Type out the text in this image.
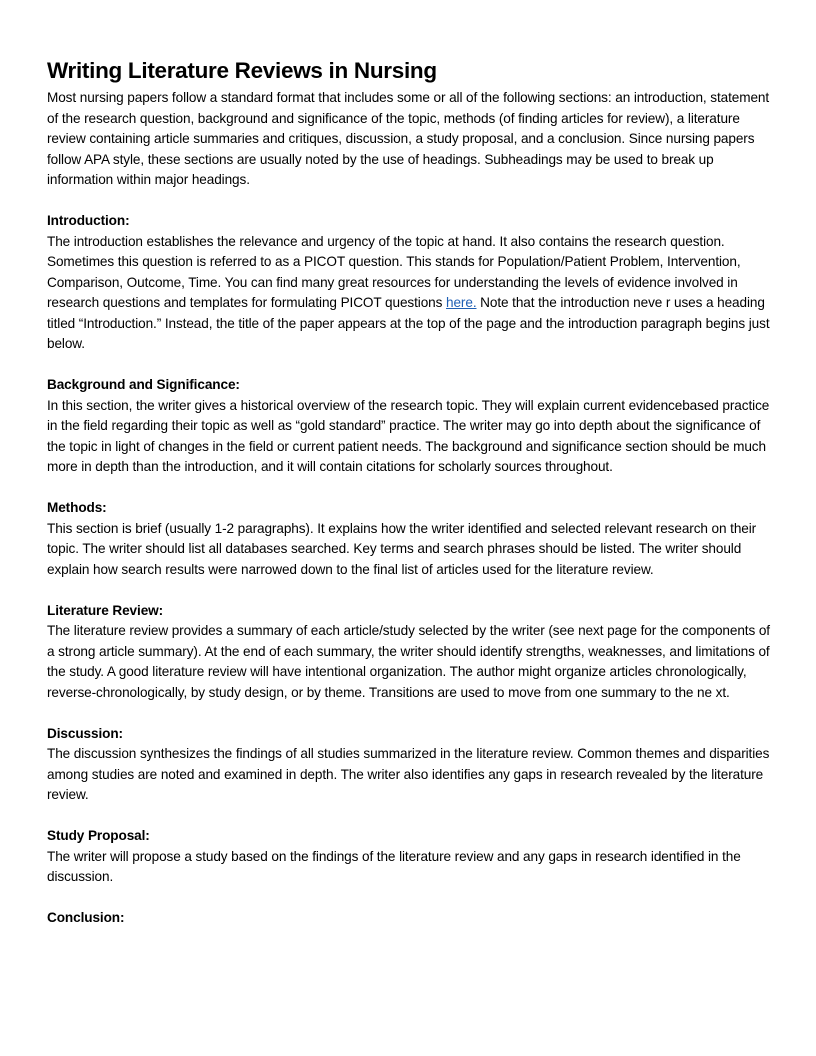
Writing Literature Reviews in Nursing

Most nursing papers follow a standard format that includes some or all of the following sections: an introduction, statement of the research question, background and significance of the topic, methods (of finding articles for review), a literature review containing article summaries and critiques, discussion, a study proposal, and a conclusion. Since nursing papers follow APA style, these sections are usually noted by the use of headings. Subheadings may be used to break up information within major headings.

Introduction:

The introduction establishes the relevance and urgency of the topic at hand. It also contains the research question. Sometimes this question is referred to as a PICOT question. This stands for Population/Patient Problem, Intervention, Comparison, Outcome, Time. You can find many great resources for understanding the levels of evidence involved in research questions and templates for formulating PICOT questions here. Note that the introduction neve r uses a heading titled “Introduction.” Instead, the title of the paper appears at the top of the page and the introduction paragraph begins just below.

Background and Significance:

In this section, the writer gives a historical overview of the research topic. They will explain current evidencebased practice in the field regarding their topic as well as “gold standard” practice. The writer may go into depth about the significance of the topic in light of changes in the field or current patient needs. The background and significance section should be much more in depth than the introduction, and it will contain citations for scholarly sources throughout.

Methods:

This section is brief (usually 1-2 paragraphs). It explains how the writer identified and selected relevant research on their topic. The writer should list all databases searched. Key terms and search phrases should be listed. The writer should explain how search results were narrowed down to the final list of articles used for the literature review.

Literature Review:

The literature review provides a summary of each article/study selected by the writer (see next page for the components of a strong article summary). At the end of each summary, the writer should identify strengths, weaknesses, and limitations of the study. A good literature review will have intentional organization. The author might organize articles chronologically, reverse-chronologically, by study design, or by theme. Transitions are used to move from one summary to the ne xt.

Discussion:

The discussion synthesizes the findings of all studies summarized in the literature review. Common themes and disparities among studies are noted and examined in depth. The writer also identifies any gaps in research revealed by the literature review.

Study Proposal:

The writer will propose a study based on the findings of the literature review and any gaps in research identified in the discussion.

Conclusion:
